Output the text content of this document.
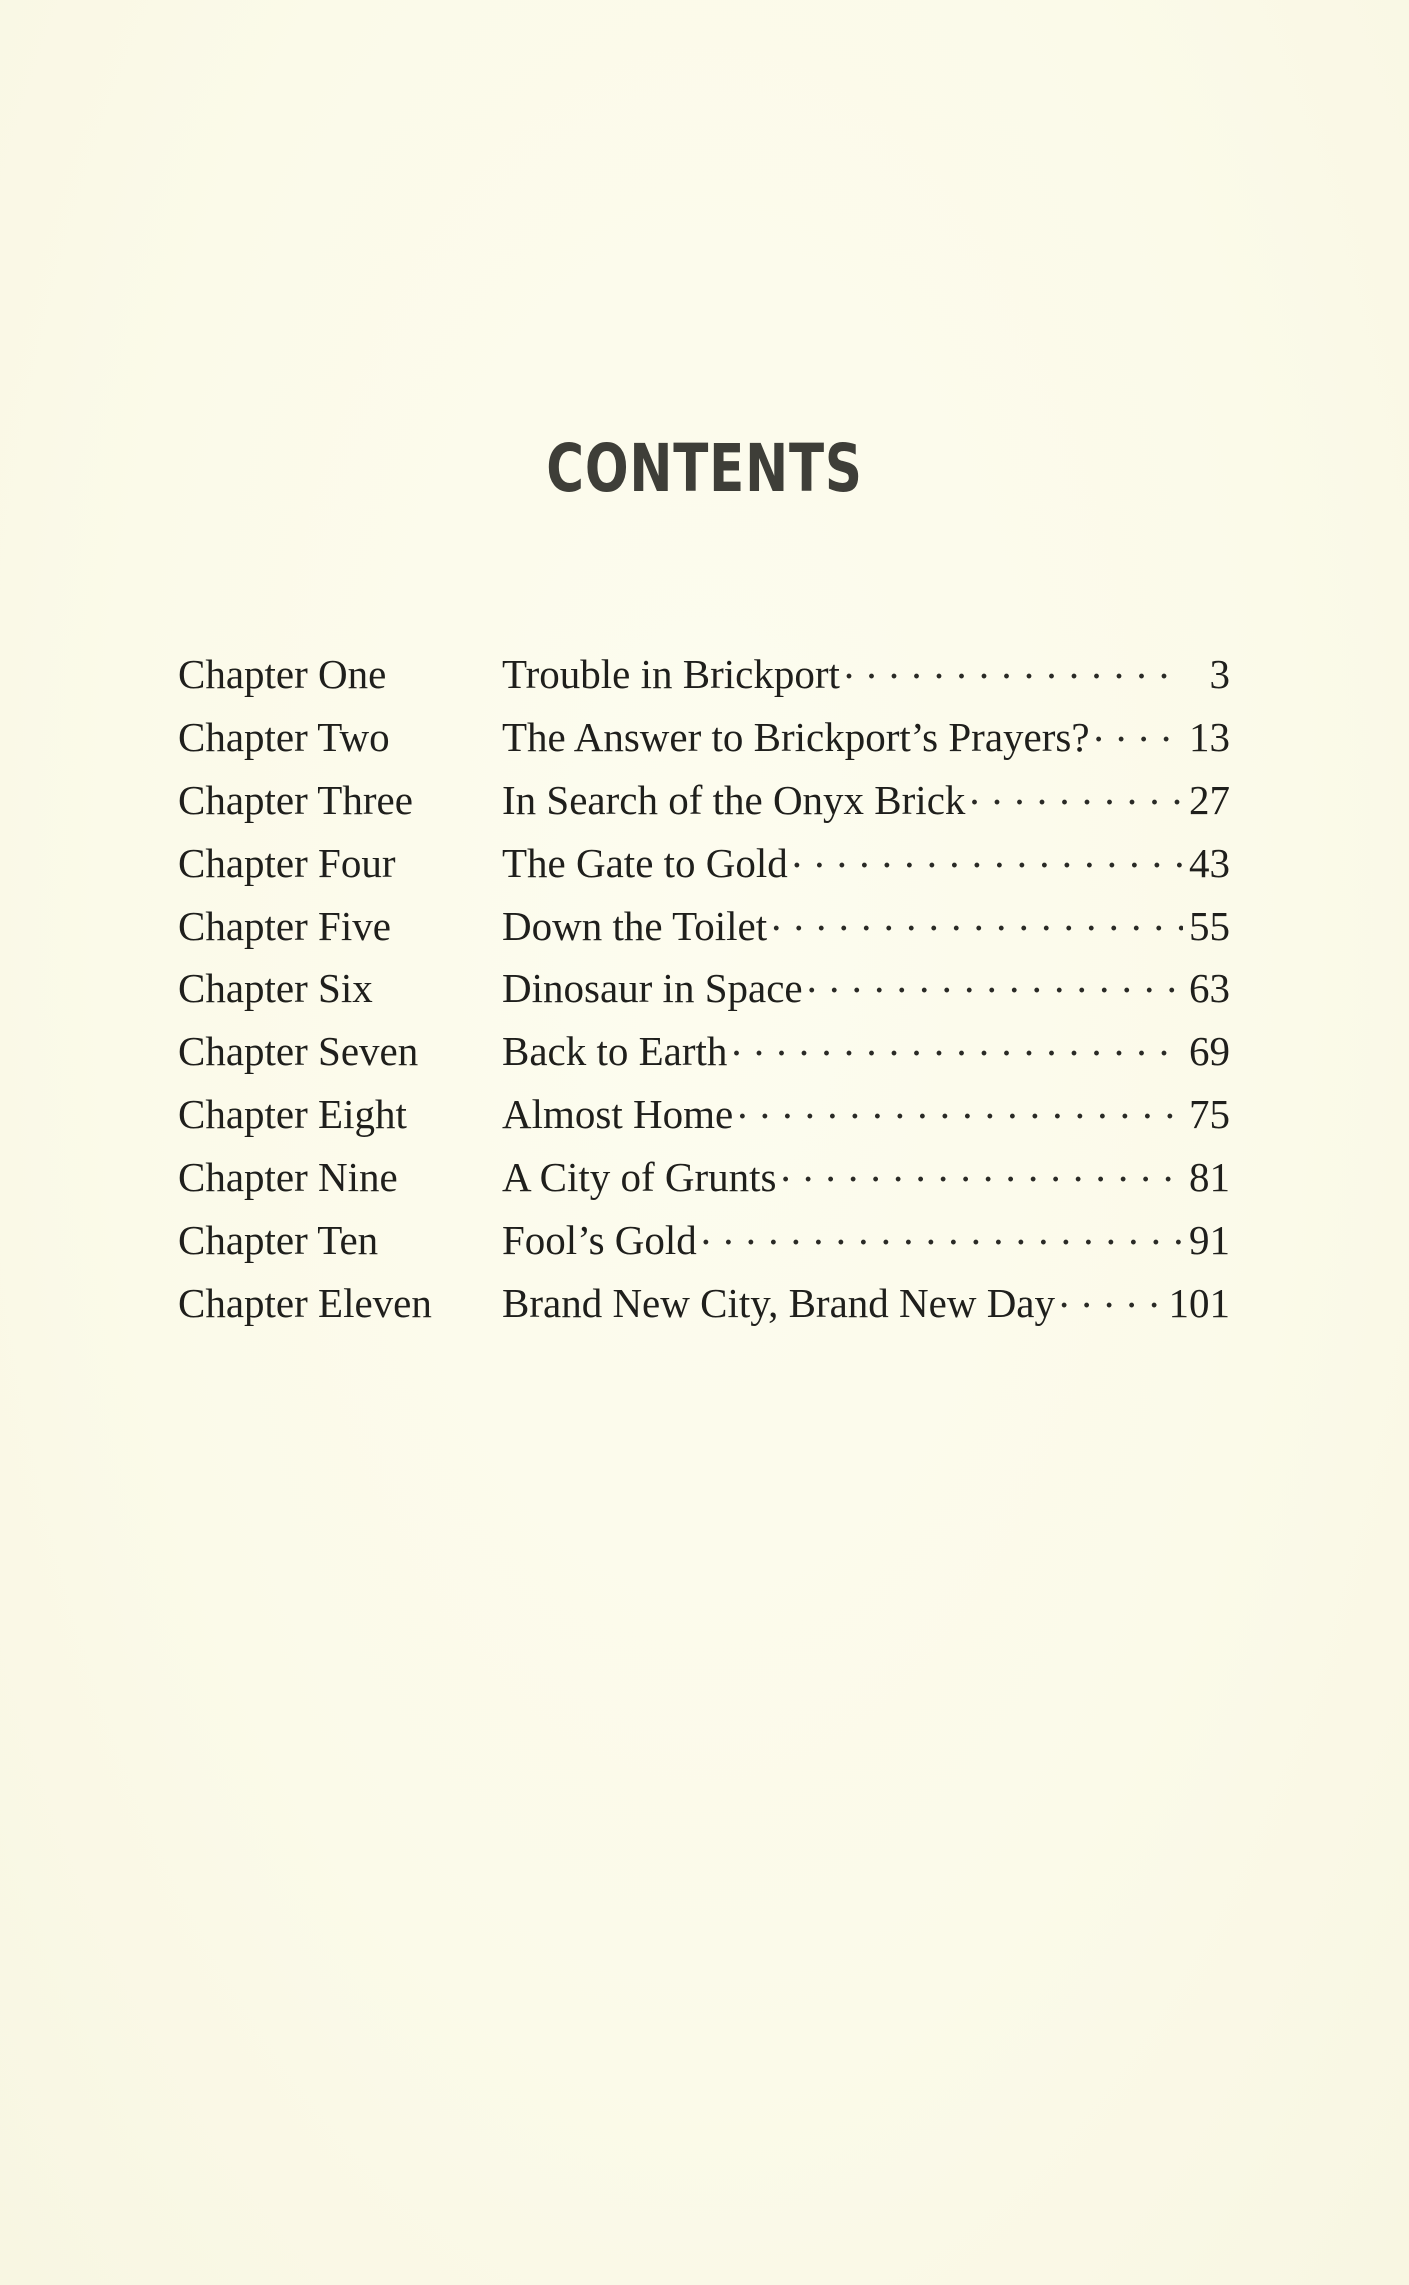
CONTENTS
Chapter One	Trouble in Brickport . . .	3
Chapter Two	The Answer to Brickport’s Prayers? . . . 13
Chapter Three	In Search of the Onyx Brick . . .	27
Chapter Four	The Gate to Gold . . .	43
Chapter Five	Down the Toilet . . .	55
Chapter Six	Dinosaur in Space . . .	63
Chapter Seven	Back to Earth . . .	69
Chapter Eight	Almost Home . . .	75
Chapter Nine	A City of Grunts . . .	81
Chapter Ten	Fool’s Gold . . .	91
Chapter Eleven	Brand New City, Brand New Day . . .	101
